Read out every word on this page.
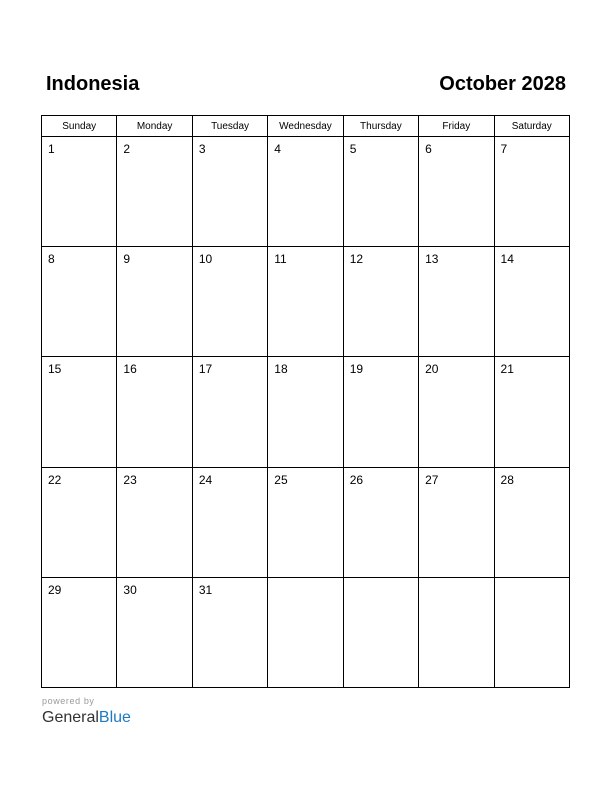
Indonesia	October 2028
Sunday	Monday	Tuesday	Wednesday	Thursday	Friday	Saturday

1	2	3	4	5	6	7

8	9	10	11	12	13	14

15	16	17	18	19	20	21

22	23	24	25	26	27	28

29	30	31				

powered by
GeneralBlue
